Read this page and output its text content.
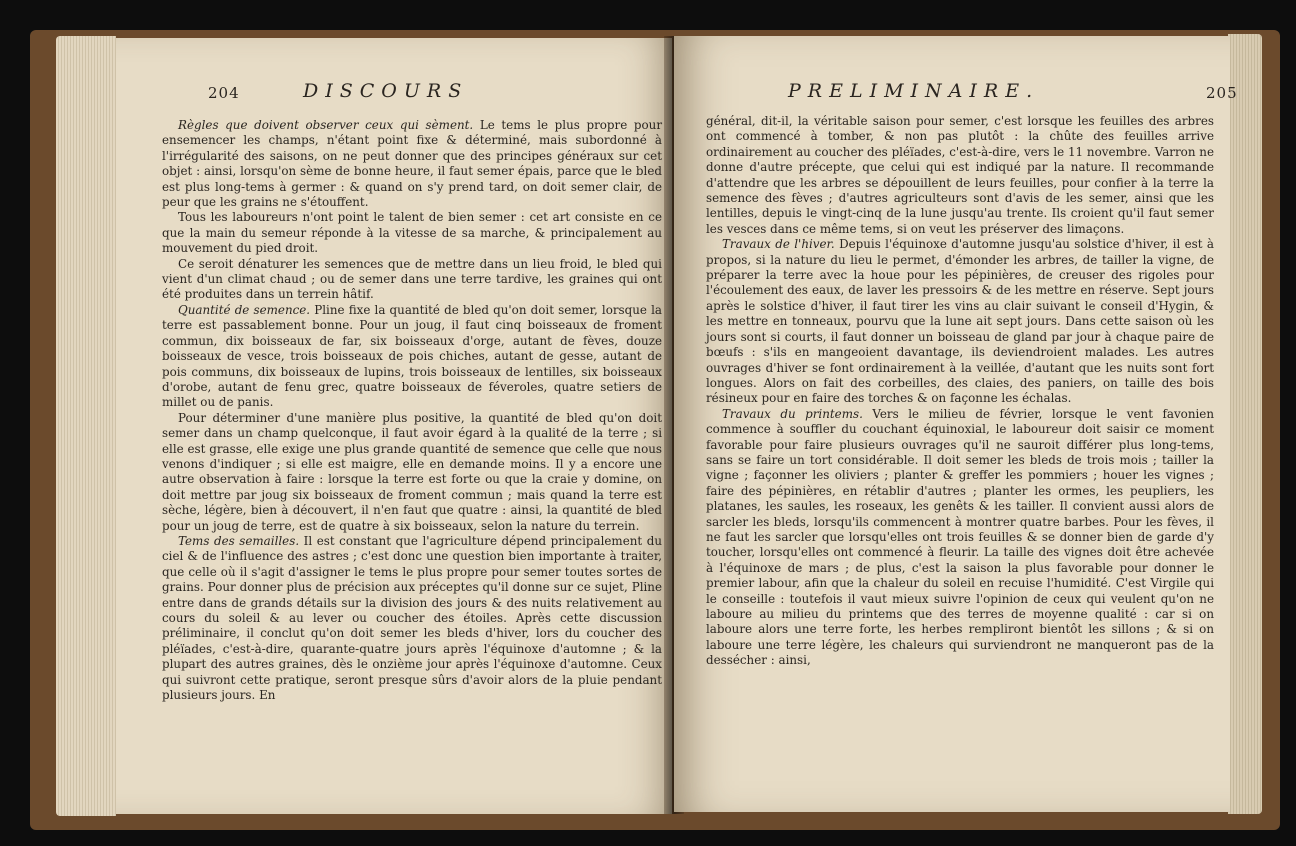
204	DISCOURS

Règles que doivent observer ceux qui sèment. Le tems le plus propre pour ensemencer les champs, n'étant point fixe & déterminé, mais subordonné à l'irrégularité des saisons, on ne peut donner que des principes généraux sur cet objet : ainsi, lorsqu'on sème de bonne heure, il faut semer épais, parce que le bled est plus long-tems à germer : & quand on s'y prend tard, on doit semer clair, de peur que les grains ne s'étouffent.

Tous les laboureurs n'ont point le talent de bien semer : cet art consiste en ce que la main du semeur réponde à la vitesse de sa marche, & principalement au mouvement du pied droit.

Ce seroit dénaturer les semences que de mettre dans un lieu froid, le bled qui vient d'un climat chaud ; ou de semer dans une terre tardive, les graines qui ont été produites dans un terrein hâtif.

Quantité de semence. Pline fixe la quantité de bled qu'on doit semer, lorsque la terre est passablement bonne. Pour un joug, il faut cinq boisseaux de froment commun, dix boisseaux de far, six boisseaux d'orge, autant de fèves, douze boisseaux de vesce, trois boisseaux de pois chiches, autant de gesse, autant de pois communs, dix boisseaux de lupins, trois boisseaux de lentilles, six boisseaux d'orobe, autant de fenu grec, quatre boisseaux de féveroles, quatre setiers de millet ou de panis.

Pour déterminer d'une manière plus positive, la quantité de bled qu'on doit semer dans un champ quelconque, il faut avoir égard à la qualité de la terre ; si elle est grasse, elle exige une plus grande quantité de semence que celle que nous venons d'indiquer ; si elle est maigre, elle en demande moins. Il y a encore une autre observation à faire : lorsque la terre est forte ou que la craie y domine, on doit mettre par joug six boisseaux de froment commun ; mais quand la terre est sèche, légère, bien à découvert, il n'en faut que quatre : ainsi, la quantité de bled pour un joug de terre, est de quatre à six boisseaux, selon la nature du terrein.

Tems des semailles. Il est constant que l'agriculture dépend principalement du ciel & de l'influence des astres ; c'est donc une question bien importante à traiter, que celle où il s'agit d'assigner le tems le plus propre pour semer toutes sortes de grains. Pour donner plus de précision aux préceptes qu'il donne sur ce sujet, Pline entre dans de grands détails sur la division des jours & des nuits relativement au cours du soleil & au lever ou coucher des étoiles. Après cette discussion préliminaire, il conclut qu'on doit semer les bleds d'hiver, lors du coucher des pléïades, c'est-à-dire, quarante-quatre jours après l'équinoxe d'automne ; & la plupart des autres graines, dès le onzième jour après l'équinoxe d'automne. Ceux qui suivront cette pratique, seront presque sûrs d'avoir alors de la pluie pendant plusieurs jours. En

PRELIMINAIRE.	205

général, dit-il, la véritable saison pour semer, c'est lorsque les feuilles des arbres ont commencé à tomber, & non pas plutôt : la chûte des feuilles arrive ordinairement au coucher des pléïades, c'est-à-dire, vers le 11 novembre. Varron ne donne d'autre précepte, que celui qui est indiqué par la nature. Il recommande d'attendre que les arbres se dépouillent de leurs feuilles, pour confier à la terre la semence des fèves ; d'autres agriculteurs sont d'avis de les semer, ainsi que les lentilles, depuis le vingt-cinq de la lune jusqu'au trente. Ils croient qu'il faut semer les vesces dans ce même tems, si on veut les préserver des limaçons.

Travaux de l'hiver. Depuis l'équinoxe d'automne jusqu'au solstice d'hiver, il est à propos, si la nature du lieu le permet, d'émonder les arbres, de tailler la vigne, de préparer la terre avec la houe pour les pépinières, de creuser des rigoles pour l'écoulement des eaux, de laver les pressoirs & de les mettre en réserve. Sept jours après le solstice d'hiver, il faut tirer les vins au clair suivant le conseil d'Hygin, & les mettre en tonneaux, pourvu que la lune ait sept jours. Dans cette saison où les jours sont si courts, il faut donner un boisseau de gland par jour à chaque paire de bœufs : s'ils en mangeoient davantage, ils deviendroient malades. Les autres ouvrages d'hiver se font ordinairement à la veillée, d'autant que les nuits sont fort longues. Alors on fait des corbeilles, des claies, des paniers, on taille des bois résineux pour en faire des torches & on façonne les échalas.

Travaux du printems. Vers le milieu de février, lorsque le vent favonien commence à souffler du couchant équinoxial, le laboureur doit saisir ce moment favorable pour faire plusieurs ouvrages qu'il ne sauroit différer plus long-tems, sans se faire un tort considérable. Il doit semer les bleds de trois mois ; tailler la vigne ; façonner les oliviers ; planter & greffer les pommiers ; houer les vignes ; faire des pépinières, en rétablir d'autres ; planter les ormes, les peupliers, les platanes, les saules, les roseaux, les genêts & les tailler. Il convient aussi alors de sarcler les bleds, lorsqu'ils commencent à montrer quatre barbes. Pour les fèves, il ne faut les sarcler que lorsqu'elles ont trois feuilles & se donner bien de garde d'y toucher, lorsqu'elles ont commencé à fleurir. La taille des vignes doit être achevée à l'équinoxe de mars ; de plus, c'est la saison la plus favorable pour donner le premier labour, afin que la chaleur du soleil en recuise l'humidité. C'est Virgile qui le conseille : toutefois il vaut mieux suivre l'opinion de ceux qui veulent qu'on ne laboure au milieu du printems que des terres de moyenne qualité : car si on laboure alors une terre forte, les herbes rempliront bientôt les sillons ; & si on laboure une terre légère, les chaleurs qui surviendront ne manqueront pas de la dessécher : ainsi,
